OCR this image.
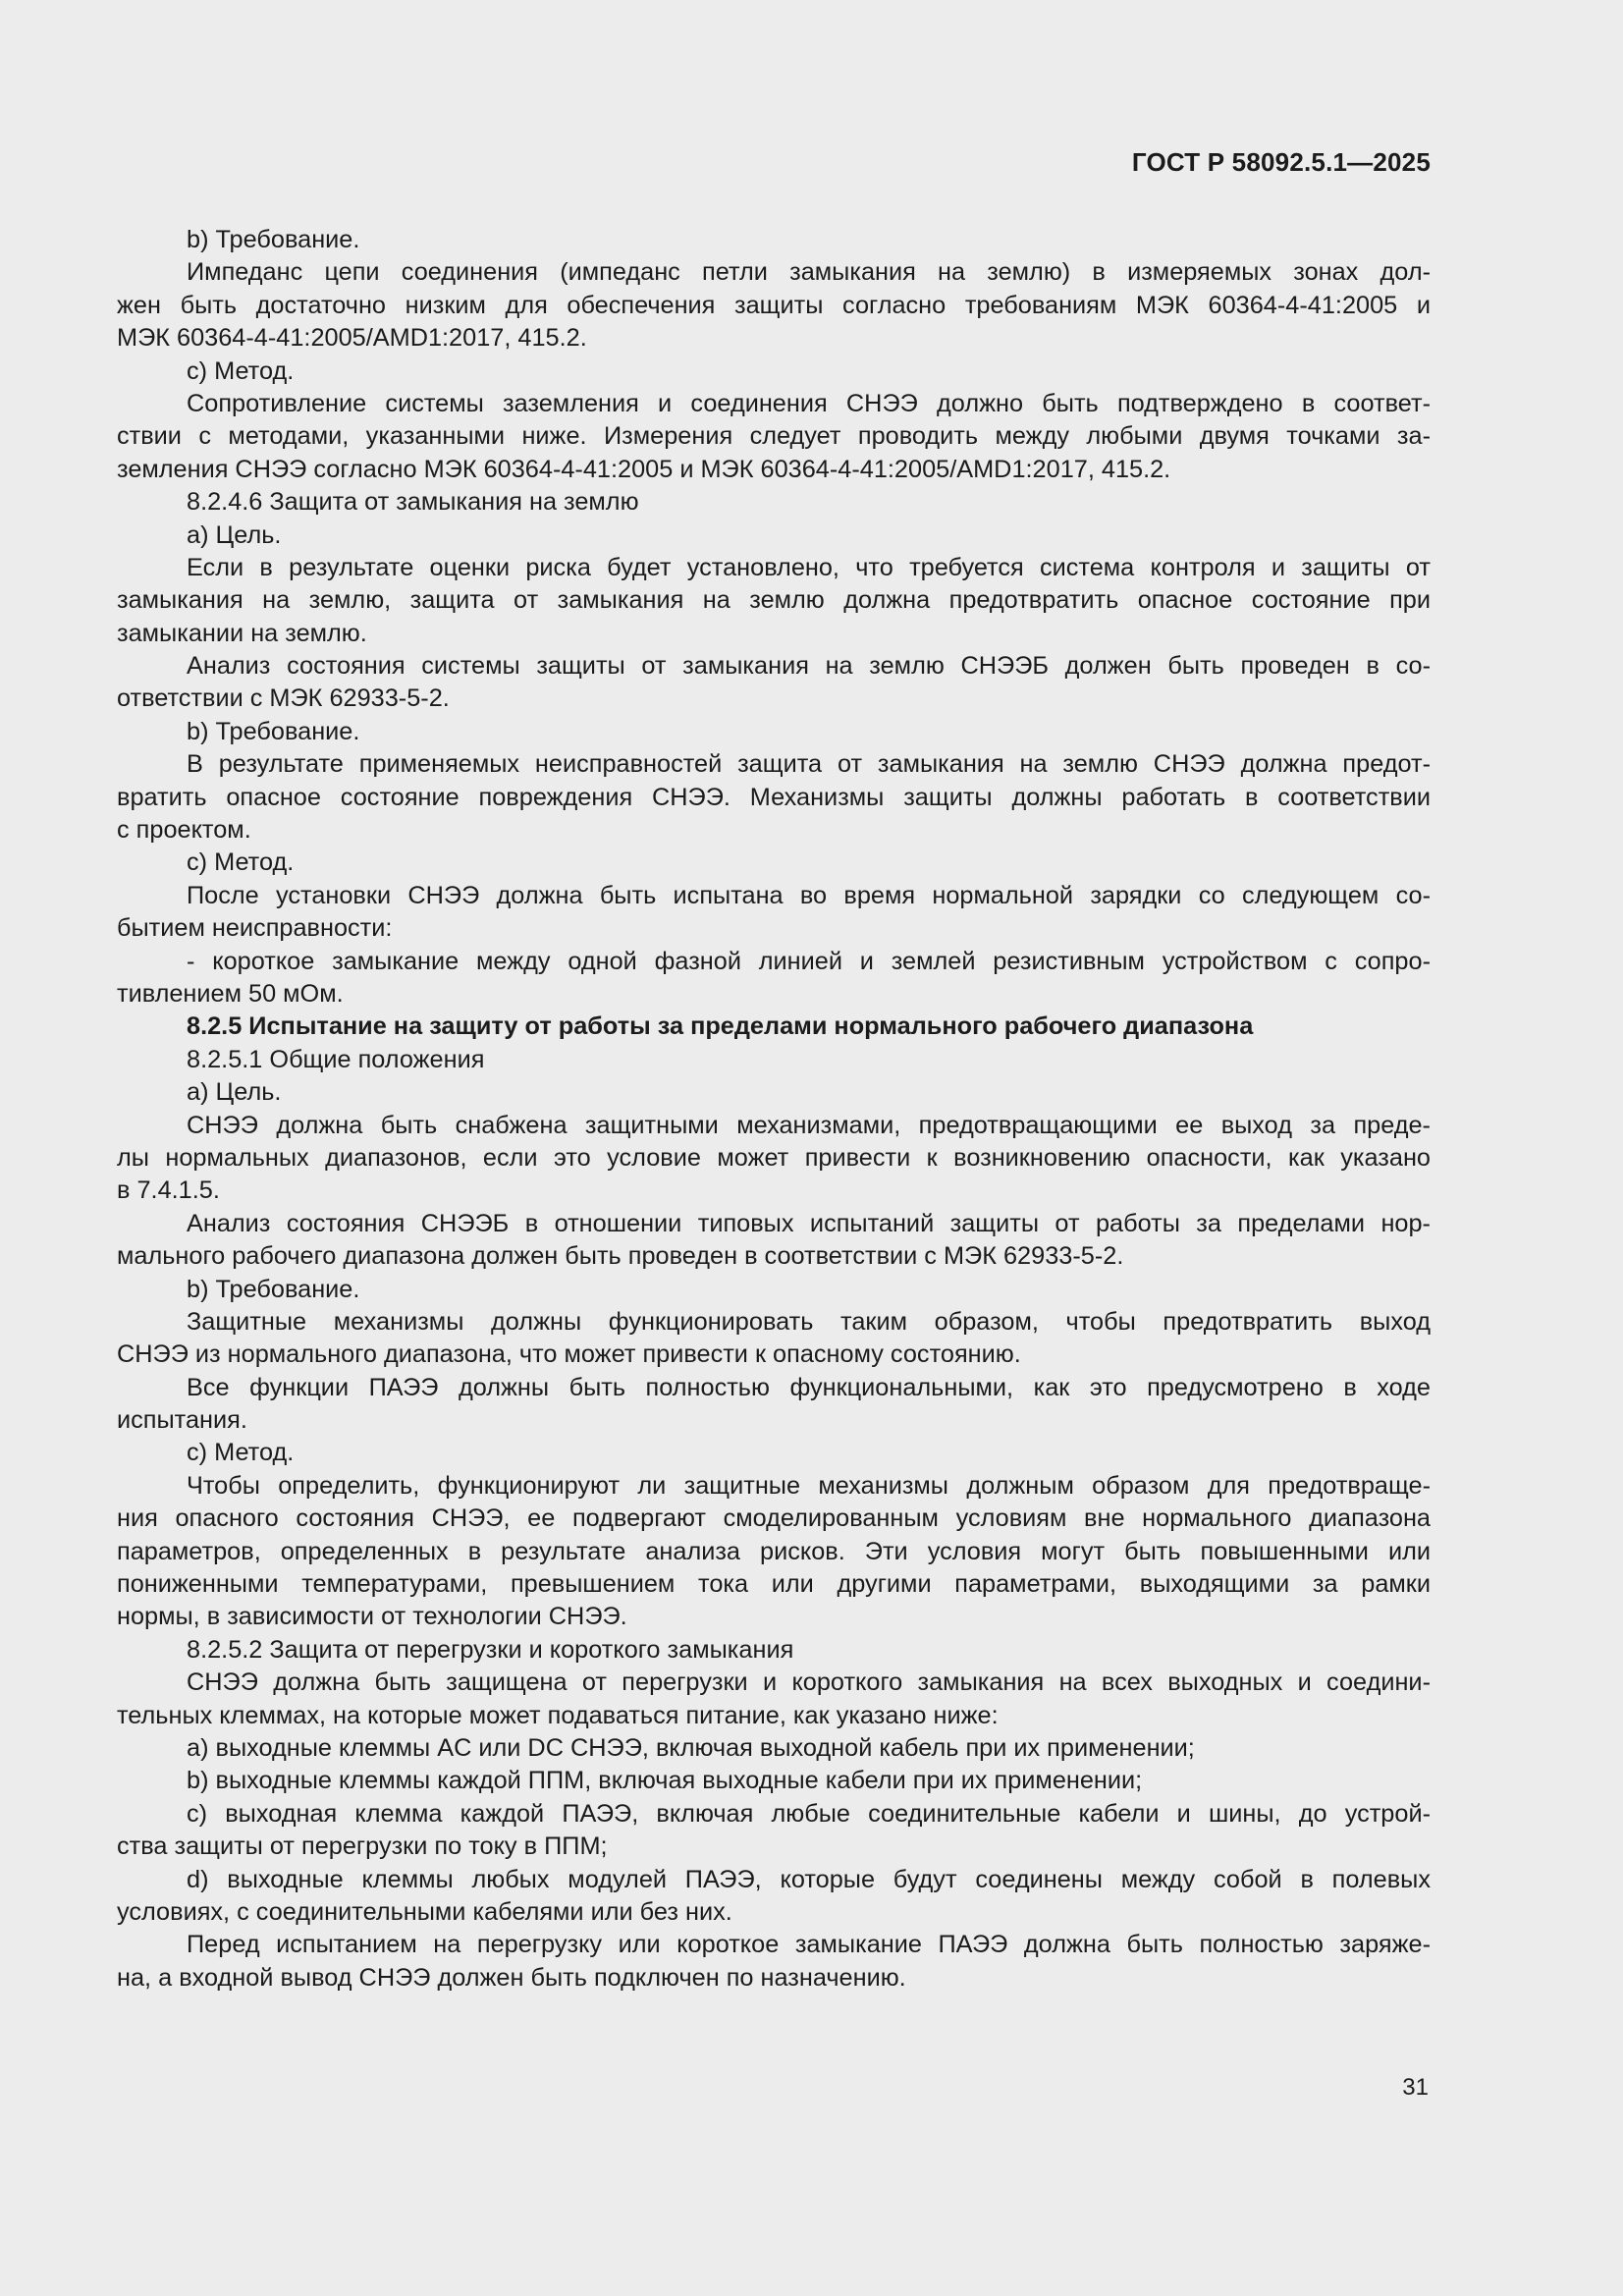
ГОСТ Р 58092.5.1—2025
b) Требование.
Импеданс цепи соединения (импеданс петли замыкания на землю) в измеряемых зонах дол-
жен быть достаточно низким для обеспечения защиты согласно требованиям МЭК 60364-4-41:2005 и
МЭК 60364-4-41:2005/AMD1:2017, 415.2.
c) Метод.
Сопротивление системы заземления и соединения СНЭЭ должно быть подтверждено в соответ-
ствии с методами, указанными ниже. Измерения следует проводить между любыми двумя точками за-
земления СНЭЭ согласно МЭК 60364-4-41:2005 и МЭК 60364-4-41:2005/AMD1:2017, 415.2.
8.2.4.6 Защита от замыкания на землю
a) Цель.
Если в результате оценки риска будет установлено, что требуется система контроля и защиты от
замыкания на землю, защита от замыкания на землю должна предотвратить опасное состояние при
замыкании на землю.
Анализ состояния системы защиты от замыкания на землю СНЭЭБ должен быть проведен в со-
ответствии с МЭК 62933-5-2.
b) Требование.
В результате применяемых неисправностей защита от замыкания на землю СНЭЭ должна предот-
вратить опасное состояние повреждения СНЭЭ. Механизмы защиты должны работать в соответствии
с проектом.
c) Метод.
После установки СНЭЭ должна быть испытана во время нормальной зарядки со следующем со-
бытием неисправности:
- короткое замыкание между одной фазной линией и землей резистивным устройством с сопро-
тивлением 50 мОм.
8.2.5 Испытание на защиту от работы за пределами нормального рабочего диапазона
8.2.5.1 Общие положения
a) Цель.
СНЭЭ должна быть снабжена защитными механизмами, предотвращающими ее выход за преде-
лы нормальных диапазонов, если это условие может привести к возникновению опасности, как указано
в 7.4.1.5.
Анализ состояния СНЭЭБ в отношении типовых испытаний защиты от работы за пределами нор-
мального рабочего диапазона должен быть проведен в соответствии с МЭК 62933-5-2.
b) Требование.
Защитные механизмы должны функционировать таким образом, чтобы предотвратить выход
СНЭЭ из нормального диапазона, что может привести к опасному состоянию.
Все функции ПАЭЭ должны быть полностью функциональными, как это предусмотрено в ходе
испытания.
c) Метод.
Чтобы определить, функционируют ли защитные механизмы должным образом для предотвраще-
ния опасного состояния СНЭЭ, ее подвергают смоделированным условиям вне нормального диапазона
параметров, определенных в результате анализа рисков. Эти условия могут быть повышенными или
пониженными температурами, превышением тока или другими параметрами, выходящими за рамки
нормы, в зависимости от технологии СНЭЭ.
8.2.5.2 Защита от перегрузки и короткого замыкания
СНЭЭ должна быть защищена от перегрузки и короткого замыкания на всех выходных и соедини-
тельных клеммах, на которые может подаваться питание, как указано ниже:
a) выходные клеммы AC или DC СНЭЭ, включая выходной кабель при их применении;
b) выходные клеммы каждой ППМ, включая выходные кабели при их применении;
c) выходная клемма каждой ПАЭЭ, включая любые соединительные кабели и шины, до устрой-
ства защиты от перегрузки по току в ППМ;
d) выходные клеммы любых модулей ПАЭЭ, которые будут соединены между собой в полевых
условиях, с соединительными кабелями или без них.
Перед испытанием на перегрузку или короткое замыкание ПАЭЭ должна быть полностью заряже-
на, а входной вывод СНЭЭ должен быть подключен по назначению.
31
